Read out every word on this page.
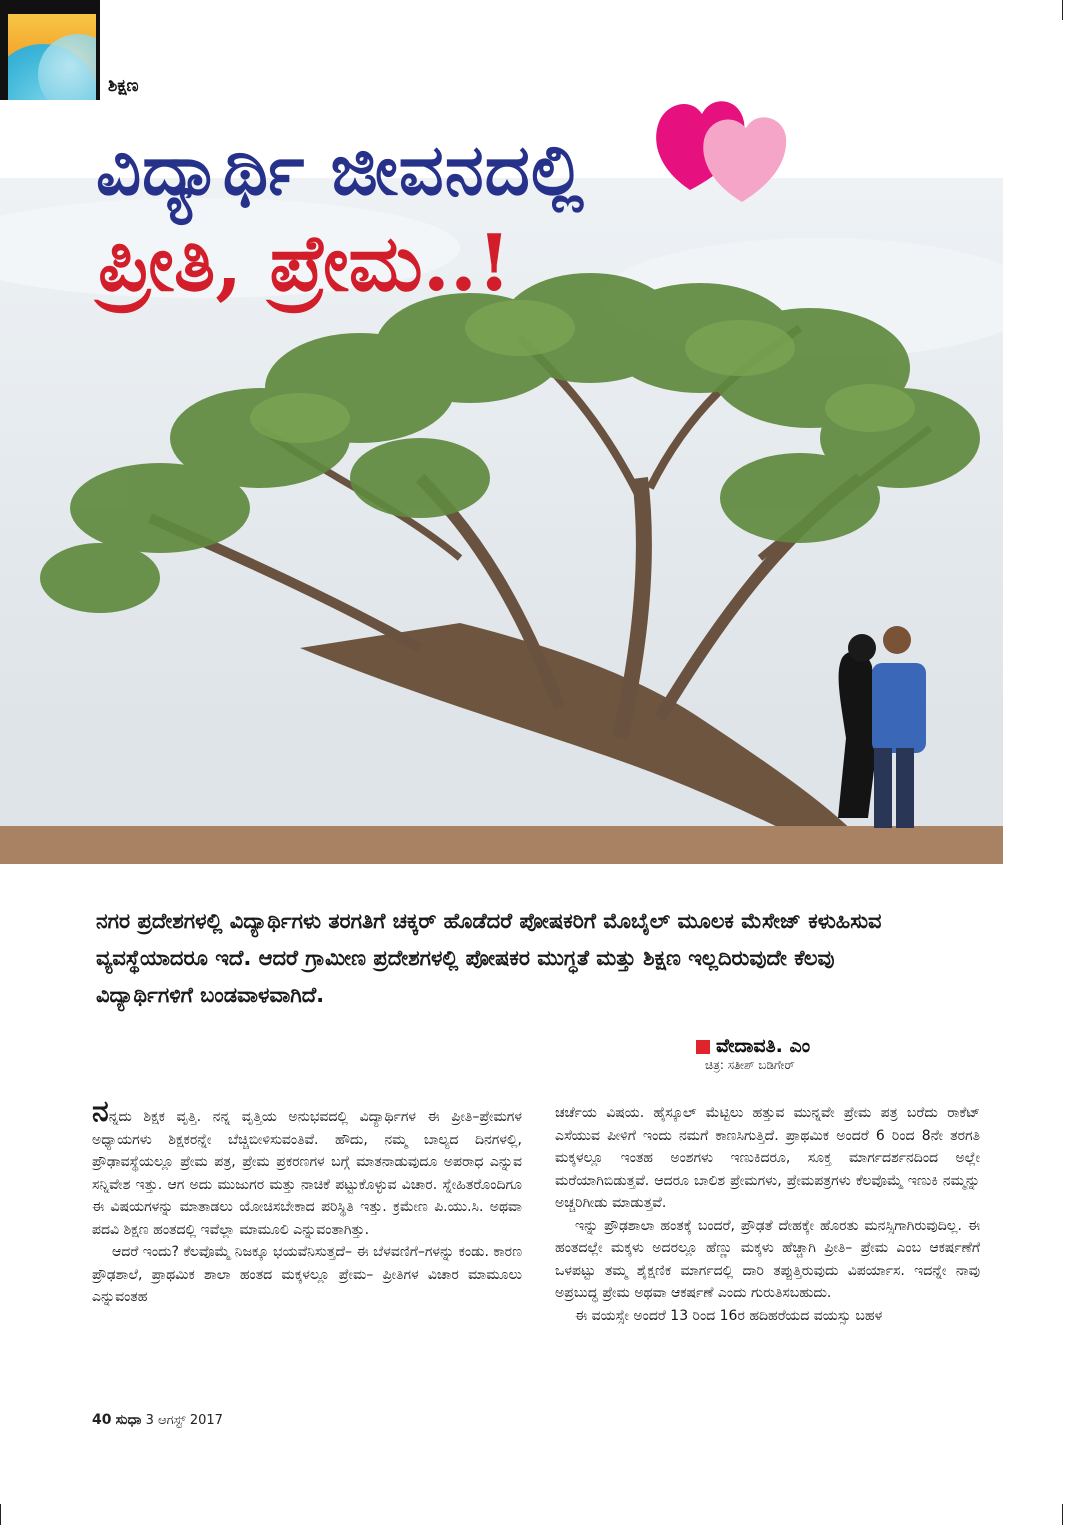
ಶಿಕ್ಷಣ
ವಿದ್ಯಾರ್ಥಿ ಜೀವನದಲ್ಲಿ
ಪ್ರೀತಿ, ಪ್ರೇಮ..!
ನಗರ ಪ್ರದೇಶಗಳಲ್ಲಿ ವಿದ್ಯಾರ್ಥಿಗಳು ತರಗತಿಗೆ ಚಕ್ಕರ್ ಹೊಡೆದರೆ ಪೋಷಕರಿಗೆ ಮೊಬೈಲ್ ಮೂಲಕ ಮೆಸೇಜ್ ಕಳುಹಿಸುವ ವ್ಯವಸ್ಥೆಯಾದರೂ ಇದೆ. ಆದರೆ ಗ್ರಾಮೀಣ ಪ್ರದೇಶಗಳಲ್ಲಿ ಪೋಷಕರ ಮುಗ್ಧತೆ ಮತ್ತು ಶಿಕ್ಷಣ ಇಲ್ಲದಿರುವುದೇ ಕೆಲವು ವಿದ್ಯಾರ್ಥಿಗಳಿಗೆ ಬಂಡವಾಳವಾಗಿದೆ.
ವೇದಾವತಿ. ಎಂ
ಚಿತ್ರ: ಸತೀಶ್ ಬಡಿಗೇರ್

ನನ್ನದು ಶಿಕ್ಷಕ ವೃತ್ತಿ. ನನ್ನ ವೃತ್ತಿಯ ಅನುಭವದಲ್ಲಿ ವಿದ್ಯಾರ್ಥಿಗಳ ಈ ಪ್ರೀತಿ–ಪ್ರೇಮಗಳ ಅಧ್ಯಾಯಗಳು ಶಿಕ್ಷಕರನ್ನೇ ಬೆಚ್ಚಿಬೀಳಿಸುವಂತಿವೆ. ಹೌದು, ನಮ್ಮ ಬಾಲ್ಯದ ದಿನಗಳಲ್ಲಿ, ಪ್ರೌಢಾವಸ್ಥೆಯಲ್ಲೂ ಪ್ರೇಮ ಪತ್ರ, ಪ್ರೇಮ ಪ್ರಕರಣಗಳ ಬಗ್ಗೆ ಮಾತನಾಡುವುದೂ ಅಪರಾಧ ಎನ್ನುವ ಸನ್ನಿವೇಶ ಇತ್ತು. ಆಗ ಅದು ಮುಜುಗರ ಮತ್ತು ನಾಚಿಕೆ ಪಟ್ಟುಕೊಳ್ಳುವ ವಿಚಾರ. ಸ್ನೇಹಿತರೊಂದಿಗೂ ಈ ವಿಷಯಗಳನ್ನು ಮಾತಾಡಲು ಯೋಚಿಸಬೇಕಾದ ಪರಿಸ್ಥಿತಿ ಇತ್ತು. ಕ್ರಮೇಣ ಪಿ.ಯು.ಸಿ. ಅಥವಾ ಪದವಿ ಶಿಕ್ಷಣ ಹಂತದಲ್ಲಿ ಇವೆಲ್ಲಾ ಮಾಮೂಲಿ ಎನ್ನುವಂತಾಗಿತ್ತು.

ಆದರೆ ಇಂದು? ಕೆಲವೊಮ್ಮೆ ನಿಜಕ್ಕೂ ಭಯವೆನಿಸುತ್ತದೆ– ಈ ಬೆಳವಣಿಗೆ–ಗಳನ್ನು ಕಂಡು. ಕಾರಣ ಪ್ರೌಢಶಾಲೆ, ಪ್ರಾಥಮಿಕ ಶಾಲಾ ಹಂತದ ಮಕ್ಕಳಲ್ಲೂ ಪ್ರೇಮ– ಪ್ರೀತಿಗಳ ವಿಚಾರ ಮಾಮೂಲು ಎನ್ನುವಂತಹ

ಚರ್ಚೆಯ ವಿಷಯ. ಹೈಸ್ಕೂಲ್ ಮೆಟ್ಟಿಲು ಹತ್ತುವ ಮುನ್ನವೇ ಪ್ರೇಮ ಪತ್ರ ಬರೆದು ರಾಕೆಟ್ ಎಸೆಯುವ ಪೀಳಿಗೆ ಇಂದು ನಮಗೆ ಕಾಣಸಿಗುತ್ತಿದೆ. ಪ್ರಾಥಮಿಕ ಅಂದರೆ 6 ರಿಂದ 8ನೇ ತರಗತಿ ಮಕ್ಕಳಲ್ಲೂ ಇಂತಹ ಅಂಶಗಳು ಇಣುಕಿದರೂ, ಸೂಕ್ತ ಮಾರ್ಗದರ್ಶನದಿಂದ ಅಲ್ಲೇ ಮರೆಯಾಗಿಬಿಡುತ್ತವೆ. ಆದರೂ ಬಾಲಿಶ ಪ್ರೇಮಗಳು, ಪ್ರೇಮಪತ್ರಗಳು ಕೆಲವೊಮ್ಮೆ ಇಣುಕಿ ನಮ್ಮನ್ನು ಅಚ್ಚರಿಗೀಡು ಮಾಡುತ್ತವೆ.

ಇನ್ನು ಪ್ರೌಢಶಾಲಾ ಹಂತಕ್ಕೆ ಬಂದರೆ, ಪ್ರೌಢತೆ ದೇಹಕ್ಕೇ ಹೊರತು ಮನಸ್ಸಿಗಾಗಿರುವುದಿಲ್ಲ. ಈ ಹಂತದಲ್ಲೇ ಮಕ್ಕಳು ಅದರಲ್ಲೂ ಹೆಣ್ಣು ಮಕ್ಕಳು ಹೆಚ್ಚಾಗಿ ಪ್ರೀತಿ– ಪ್ರೇಮ ಎಂಬ ಆಕರ್ಷಣೆಗೆ ಒಳಪಟ್ಟು ತಮ್ಮ ಶೈಕ್ಷಣಿಕ ಮಾರ್ಗದಲ್ಲಿ ದಾರಿ ತಪ್ಪುತ್ತಿರುವುದು ವಿಪರ್ಯಾಸ. ಇದನ್ನೇ ನಾವು ಅಪ್ರಬುದ್ಧ ಪ್ರೇಮ ಅಥವಾ ಆಕರ್ಷಣೆ ಎಂದು ಗುರುತಿಸಬಹುದು.

ಈ ವಯಸ್ಸೇ ಅಂದರೆ 13 ರಿಂದ 16ರ ಹದಿಹರೆಯದ ವಯಸ್ಸು ಬಹಳ

40 ಸುಧಾ 3 ಆಗಸ್ಟ್ 2017
